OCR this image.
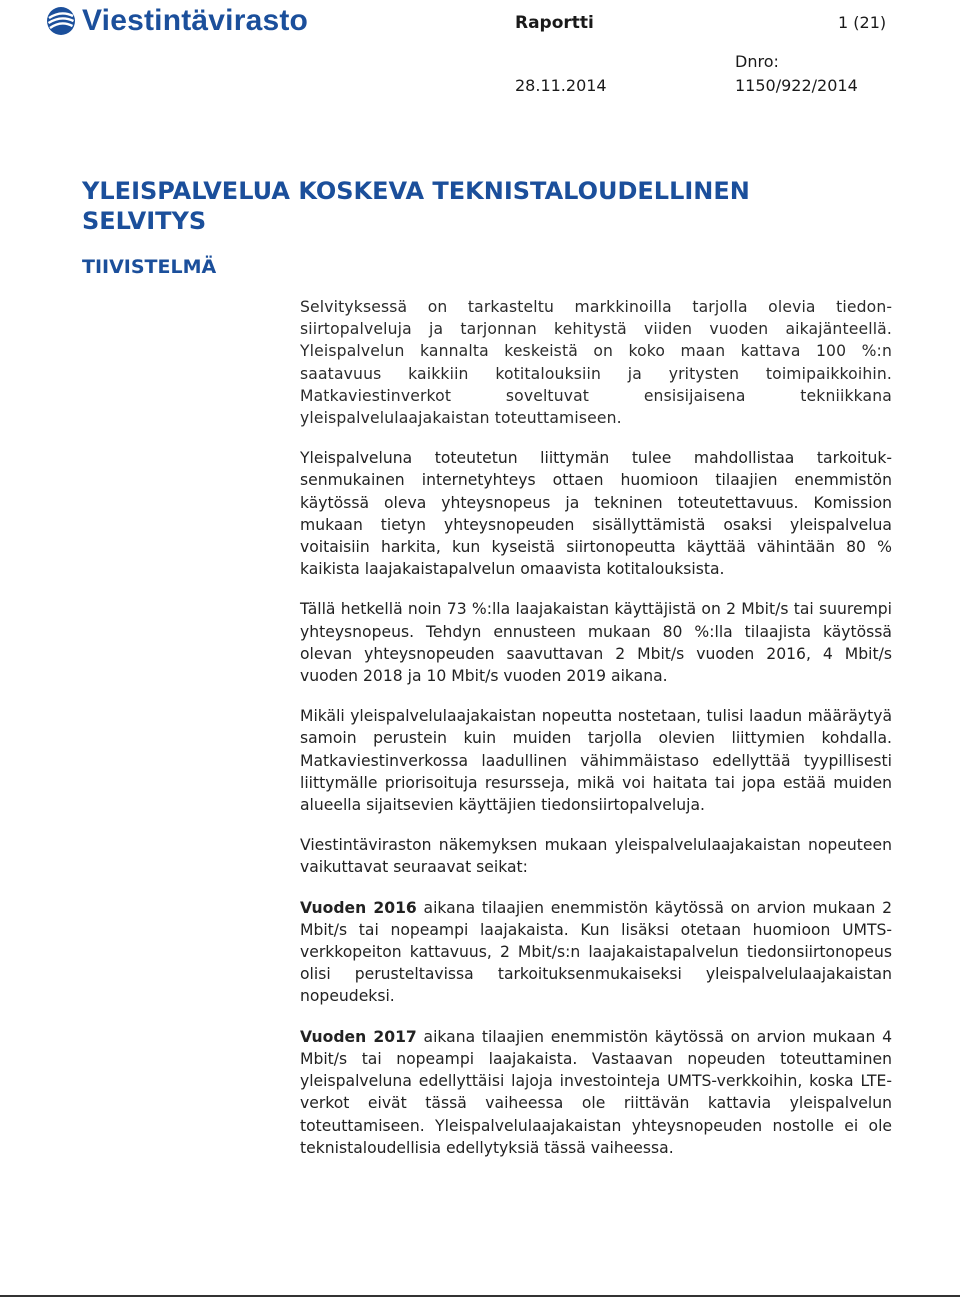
Viestintävirasto	Raportti	1 (21)
Dnro:
28.11.2014	1150/922/2014
YLEISPALVELUA KOSKEVA TEKNISTALOUDELLINEN SELVITYS
TIIVISTELMÄ

Selvityksessä on tarkasteltu markkinoilla tarjolla olevia tiedonsiirtopalveluja ja tarjonnan kehitystä viiden vuoden aikajänteellä. Yleispalvelun kannalta keskeistä on koko maan kattava 100 %:n saatavuus kaikkiin kotitalouksiin ja yritysten toimipaikkoihin. Matkaviestinverkot soveltuvat ensisijaisena tekniikkana yleispalvelulaajakaistan toteuttamiseen.

Yleispalveluna toteutetun liittymän tulee mahdollistaa tarkoituksenmukainen internetyhteys ottaen huomioon tilaajien enemmistön käytössä oleva yhteysnopeus ja tekninen toteutettavuus. Komission mukaan tietyn yhteysnopeuden sisällyttämistä osaksi yleispalvelua voitaisiin harkita, kun kyseistä siirtonopeutta käyttää vähintään 80 % kaikista laajakaistapalvelun omaavista kotitalouksista.

Tällä hetkellä noin 73 %:lla laajakaistan käyttäjistä on 2 Mbit/s tai suurempi yhteysnopeus. Tehdyn ennusteen mukaan 80 %:lla tilaajista käytössä olevan yhteysnopeuden saavuttavan 2 Mbit/s vuoden 2016, 4 Mbit/s vuoden 2018 ja 10 Mbit/s vuoden 2019 aikana.

Mikäli yleispalvelulaajakaistan nopeutta nostetaan, tulisi laadun määräytyä samoin perustein kuin muiden tarjolla olevien liittymien kohdalla. Matkaviestinverkossa laadullinen vähimmäistaso edellyttää tyypillisesti liittymälle priorisoituja resursseja, mikä voi haitata tai jopa estää muiden alueella sijaitsevien käyttäjien tiedonsiirtopalveluja.

Viestintäviraston näkemyksen mukaan yleispalvelulaajakaistan nopeuteen vaikuttavat seuraavat seikat:

Vuoden 2016 aikana tilaajien enemmistön käytössä on arvion mukaan 2 Mbit/s tai nopeampi laajakaista. Kun lisäksi otetaan huomioon UMTS-verkkopeiton kattavuus, 2 Mbit/s:n laajakaistapalvelun tiedonsiirtonopeus olisi perusteltavissa tarkoituksenmukaiseksi yleispalvelulaajakaistan nopeudeksi.

Vuoden 2017 aikana tilaajien enemmistön käytössä on arvion mukaan 4 Mbit/s tai nopeampi laajakaista. Vastaavan nopeuden toteuttaminen yleispalveluna edellyttäisi lajoja investointeja UMTS-verkkoihin, koska LTE-verkot eivät tässä vaiheessa ole riittävän kattavia yleispalvelun toteuttamiseen. Yleispalvelulaajakaistan yhteysnopeuden nostolle ei ole teknistaloudellisia edellytyksiä tässä vaiheessa.
